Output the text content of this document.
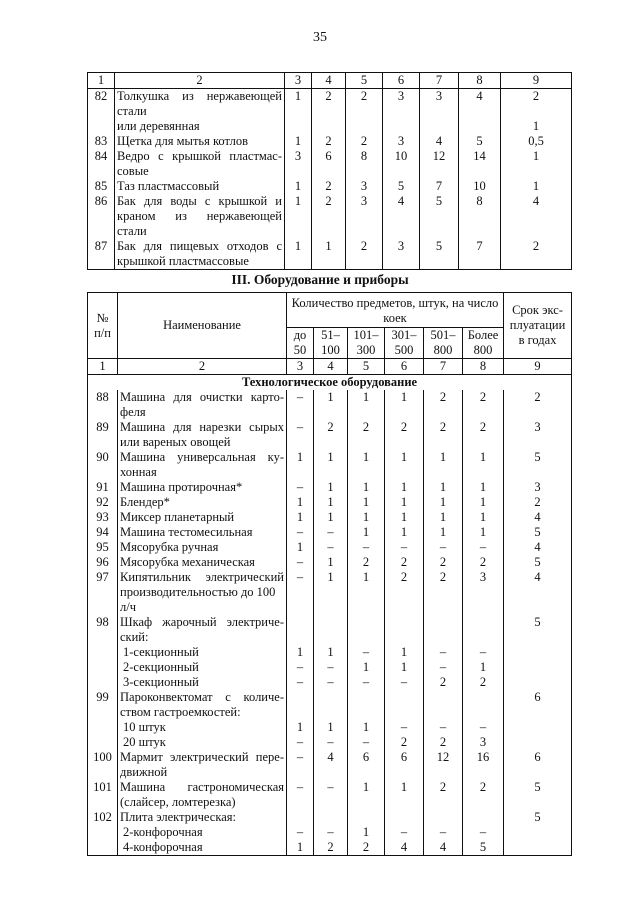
35
1	2	3	4	5	6	7	8	9
82	Толкушка из нержавеющей	1	2	2	3	3	4	2
	стали							
	или деревянная							1
83	Щетка для мытья котлов	1	2	2	3	4	5	0,5
84	Ведро с крышкой пластмас-	3	6	8	10	12	14	1
	совые							
85	Таз пластмассовый	1	2	3	5	7	10	1
86	Бак для воды с крышкой и	1	2	3	4	5	8	4
	краном из нержавеющей							
	стали							
87	Бак для пищевых отходов с	1	1	2	3	5	7	2
	крышкой пластмассовые							
III. Оборудование и приборы
№ п/п	Наименование	Количество предметов, штук, на число коек						Срок экс-плуатации в годах
		до 50	51– 100	101– 300	301– 500	501– 800	Более 800	
1	2	3	4	5	6	7	8	9
Технологическое оборудование								
88	Машина для очистки карто-	–	1	1	1	2	2	2
	феля							
89	Машина для нарезки сырых	–	2	2	2	2	2	3
	или вареных овощей							
90	Машина универсальная ку-	1	1	1	1	1	1	5
	хонная							
91	Машина протирочная*	–	1	1	1	1	1	3
92	Блендер*	1	1	1	1	1	1	2
93	Миксер планетарный	1	1	1	1	1	1	4
94	Машина тестомесильная	–	–	1	1	1	1	5
95	Мясорубка ручная	1	–	–	–	–	–	4
96	Мясорубка механическая	–	1	2	2	2	2	5
97	Кипятильник электрический	–	1	1	2	2	3	4
	производительностью до 100 л/ч							
98	Шкаф жарочный электриче-							5
	ский:							
	1-секционный	1	1	–	1	–	–	
	2-секционный	–	–	1	1	–	1	
	3-секционный	–	–	–	–	2	2	
99	Пароконвектомат с количе-							6
	ством гастроемкостей:							
	10 штук	1	1	1	–	–	–	
	20 штук	–	–	–	2	2	3	
100	Мармит электрический пере-	–	4	6	6	12	16	6
	движной							
101	Машина гастрономическая	–	–	1	1	2	2	5
	(слайсер, ломтерезка)							
102	Плита электрическая:							5
	2-конфорочная	–	–	1	–	–	–	
	4-конфорочная	1	2	2	4	4	5	
